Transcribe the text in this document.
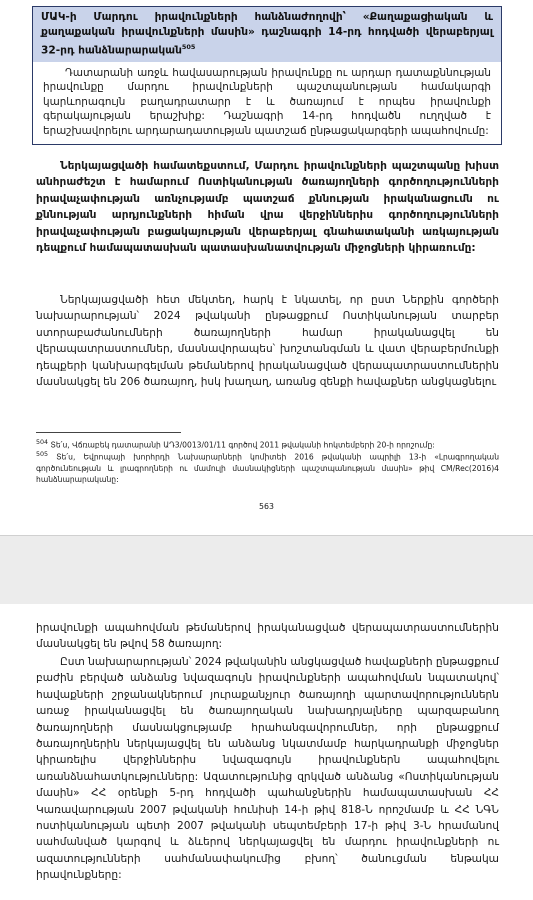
ՄԱԿ-ի Մարդու իրավունքների հանձնաժողովի՝ «Քաղաքացիական և քաղաքական իրավունքների մասին» դաշնագրի 14-րդ հոդվածի վերաբերյալ 32-րդ հանձնարարական$^{505}$
Դատարանի առջև հավասարության իրավունքը ու արդար դատաքննության իրավունքը մարդու իրավունքների պաշտպանության համակարգի կարևորագույն բաղադրատարր է և ծառայում է որպես իրավունքի գերակայության երաշխիք: Դաշնագրի 14-րդ հոդվածն ուղղված է երաշխավորելու արդարադատության պատշաճ ընթացակարգերի ապահովումը:
Ներկայացվածի համատեքստում, Մարդու իրավունքների պաշտպանը խիստ անհրաժեշտ է համարում Ոստիկանության ծառայողների գործողությունների իրավաչափության առնչությամբ պատշաճ քննության իրականացումն ու քննության արդյունքների հիման վրա վերջիններիս գործողությունների իրավաչափության բացակայության վերաբերյալ գնահատականի առկայության դեպքում համապատասխան պատասխանատվության միջոցների կիրառումը:
Ներկայացվածի հետ մեկտեղ, հարկ է նկատել, որ ըստ Ներքին գործերի նախարարության՝ 2024 թվականի ընթացքում Ոստիկանության տարբեր ստորաբաժանումների ծառայողների համար իրականացվել են վերապատրաստումներ, մասնավորապես՝ խոշտանգման և վատ վերաբերմունքի դեպքերի կանխարգելման թեմաներով իրականացված վերապատրաստումներին մասնակցել են 206 ծառայող, իսկ խաղաղ, առանց զենքի հավաքներ անցկացնելու
$^{504}$ Տե՛ս, Վճռաբեկ դատարանի ԱԴ3/0013/01/11 գործով 2011 թվականի հոկտեմբերի 20-ի որոշումը:
$^{505}$ Տե՛ս, Եվրոպայի խորհրդի Նախարարների կոմիտեի 2016 թվականի ապրիլի 13-ի «Լրագրողական գործունեության և լրագրողների ու մամուլի մասնակիցների պաշտպանության մասին» թիվ CM/Rec(2016)4 հանձնարարականը:
563
իրավունքի ապահովման թեմաներով իրականացված վերապատրաստումներին մասնակցել են թվով 58 ծառայող:
Ըստ նախարարության՝ 2024 թվականին անցկացված հավաքների ընթացքում բաժին բերված անձանց նվազագույն իրավունքների ապահովման նպատակով՝ հավաքների շրջանակներում յուրաքանչյուր ծառայողի պարտավորություններն առաջ իրականացվել են ծառայողական նախադրյալները պարզաբանող ծառայողների մասնակցությամբ հրահանգավորումներ, որի ընթացքում ծառայողներին ներկայացվել են անձանց նկատմամբ հարկադրանքի միջոցներ կիրառելիս վերջիններիս նվազագույն իրավունքներն ապահովելու առանձնահատկությունները: Ազատությունից զրկված անձանց «Ոստիկանության մասին» ՀՀ օրենքի 5-րդ հոդվածի պահանջներին համապատասխան ՀՀ Կառավարության 2007 թվականի հունիսի 14-ի թիվ 818-Ն որոշմամբ և ՀՀ ՆԳՆ ոստիկանության պետի 2007 թվականի սեպտեմբերի 17-ի թիվ 3-Ն հրամանով սահմանված կարգով և ձևերով ներկայացվել են մարդու իրավունքների ու ազատությունների սահմանափակումից բխող՝ ծանուցման ենթակա իրավունքները:
